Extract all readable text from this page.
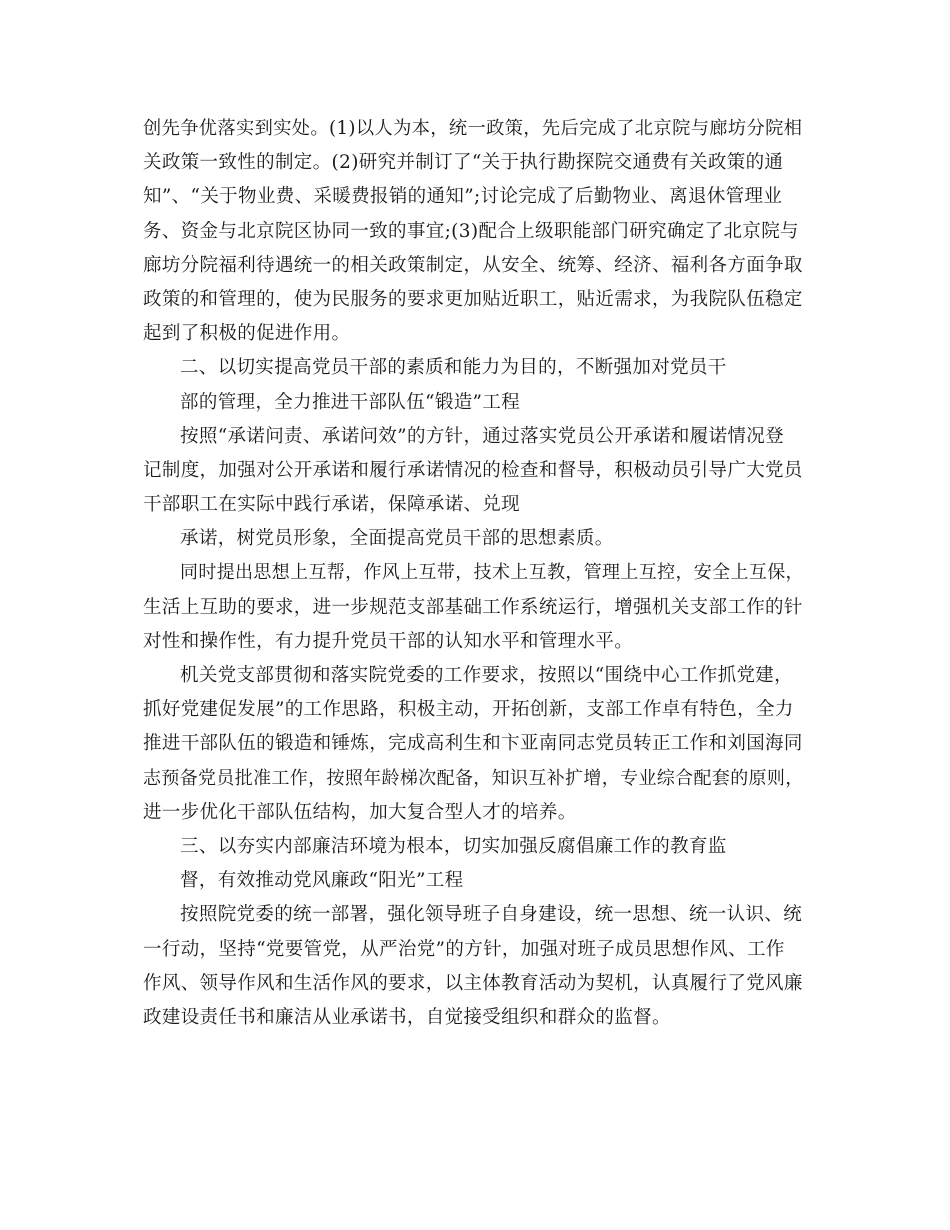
创先争优落实到实处。(1)以人为本，统一政策，先后完成了北京院与廊坊分院相
关政策一致性的制定。(2)研究并制订了“关于执行勘探院交通费有关政策的通
知”、“关于物业费、采暖费报销的通知”;讨论完成了后勤物业、离退休管理业
务、资金与北京院区协同一致的事宜;(3)配合上级职能部门研究确定了北京院与
廊坊分院福利待遇统一的相关政策制定，从安全、统筹、经济、福利各方面争取
政策的和管理的，使为民服务的要求更加贴近职工，贴近需求，为我院队伍稳定
起到了积极的促进作用。
二、以切实提高党员干部的素质和能力为目的，不断强加对党员干
部的管理，全力推进干部队伍“锻造”工程
按照“承诺问责、承诺问效”的方针，通过落实党员公开承诺和履诺情况登
记制度，加强对公开承诺和履行承诺情况的检查和督导，积极动员引导广大党员
干部职工在实际中践行承诺，保障承诺、兑现
承诺，树党员形象，全面提高党员干部的思想素质。
同时提出思想上互帮，作风上互带，技术上互教，管理上互控，安全上互保，
生活上互助的要求，进一步规范支部基础工作系统运行，增强机关支部工作的针
对性和操作性，有力提升党员干部的认知水平和管理水平。
机关党支部贯彻和落实院党委的工作要求，按照以“围绕中心工作抓党建，
抓好党建促发展”的工作思路，积极主动，开拓创新，支部工作卓有特色，全力
推进干部队伍的锻造和锤炼，完成高利生和卞亚南同志党员转正工作和刘国海同
志预备党员批准工作，按照年龄梯次配备，知识互补扩增，专业综合配套的原则，
进一步优化干部队伍结构，加大复合型人才的培养。
三、以夯实内部廉洁环境为根本，切实加强反腐倡廉工作的教育监
督，有效推动党风廉政“阳光”工程
按照院党委的统一部署，强化领导班子自身建设，统一思想、统一认识、统
一行动，坚持“党要管党，从严治党”的方针，加强对班子成员思想作风、工作
作风、领导作风和生活作风的要求，以主体教育活动为契机，认真履行了党风廉
政建设责任书和廉洁从业承诺书，自觉接受组织和群众的监督。
